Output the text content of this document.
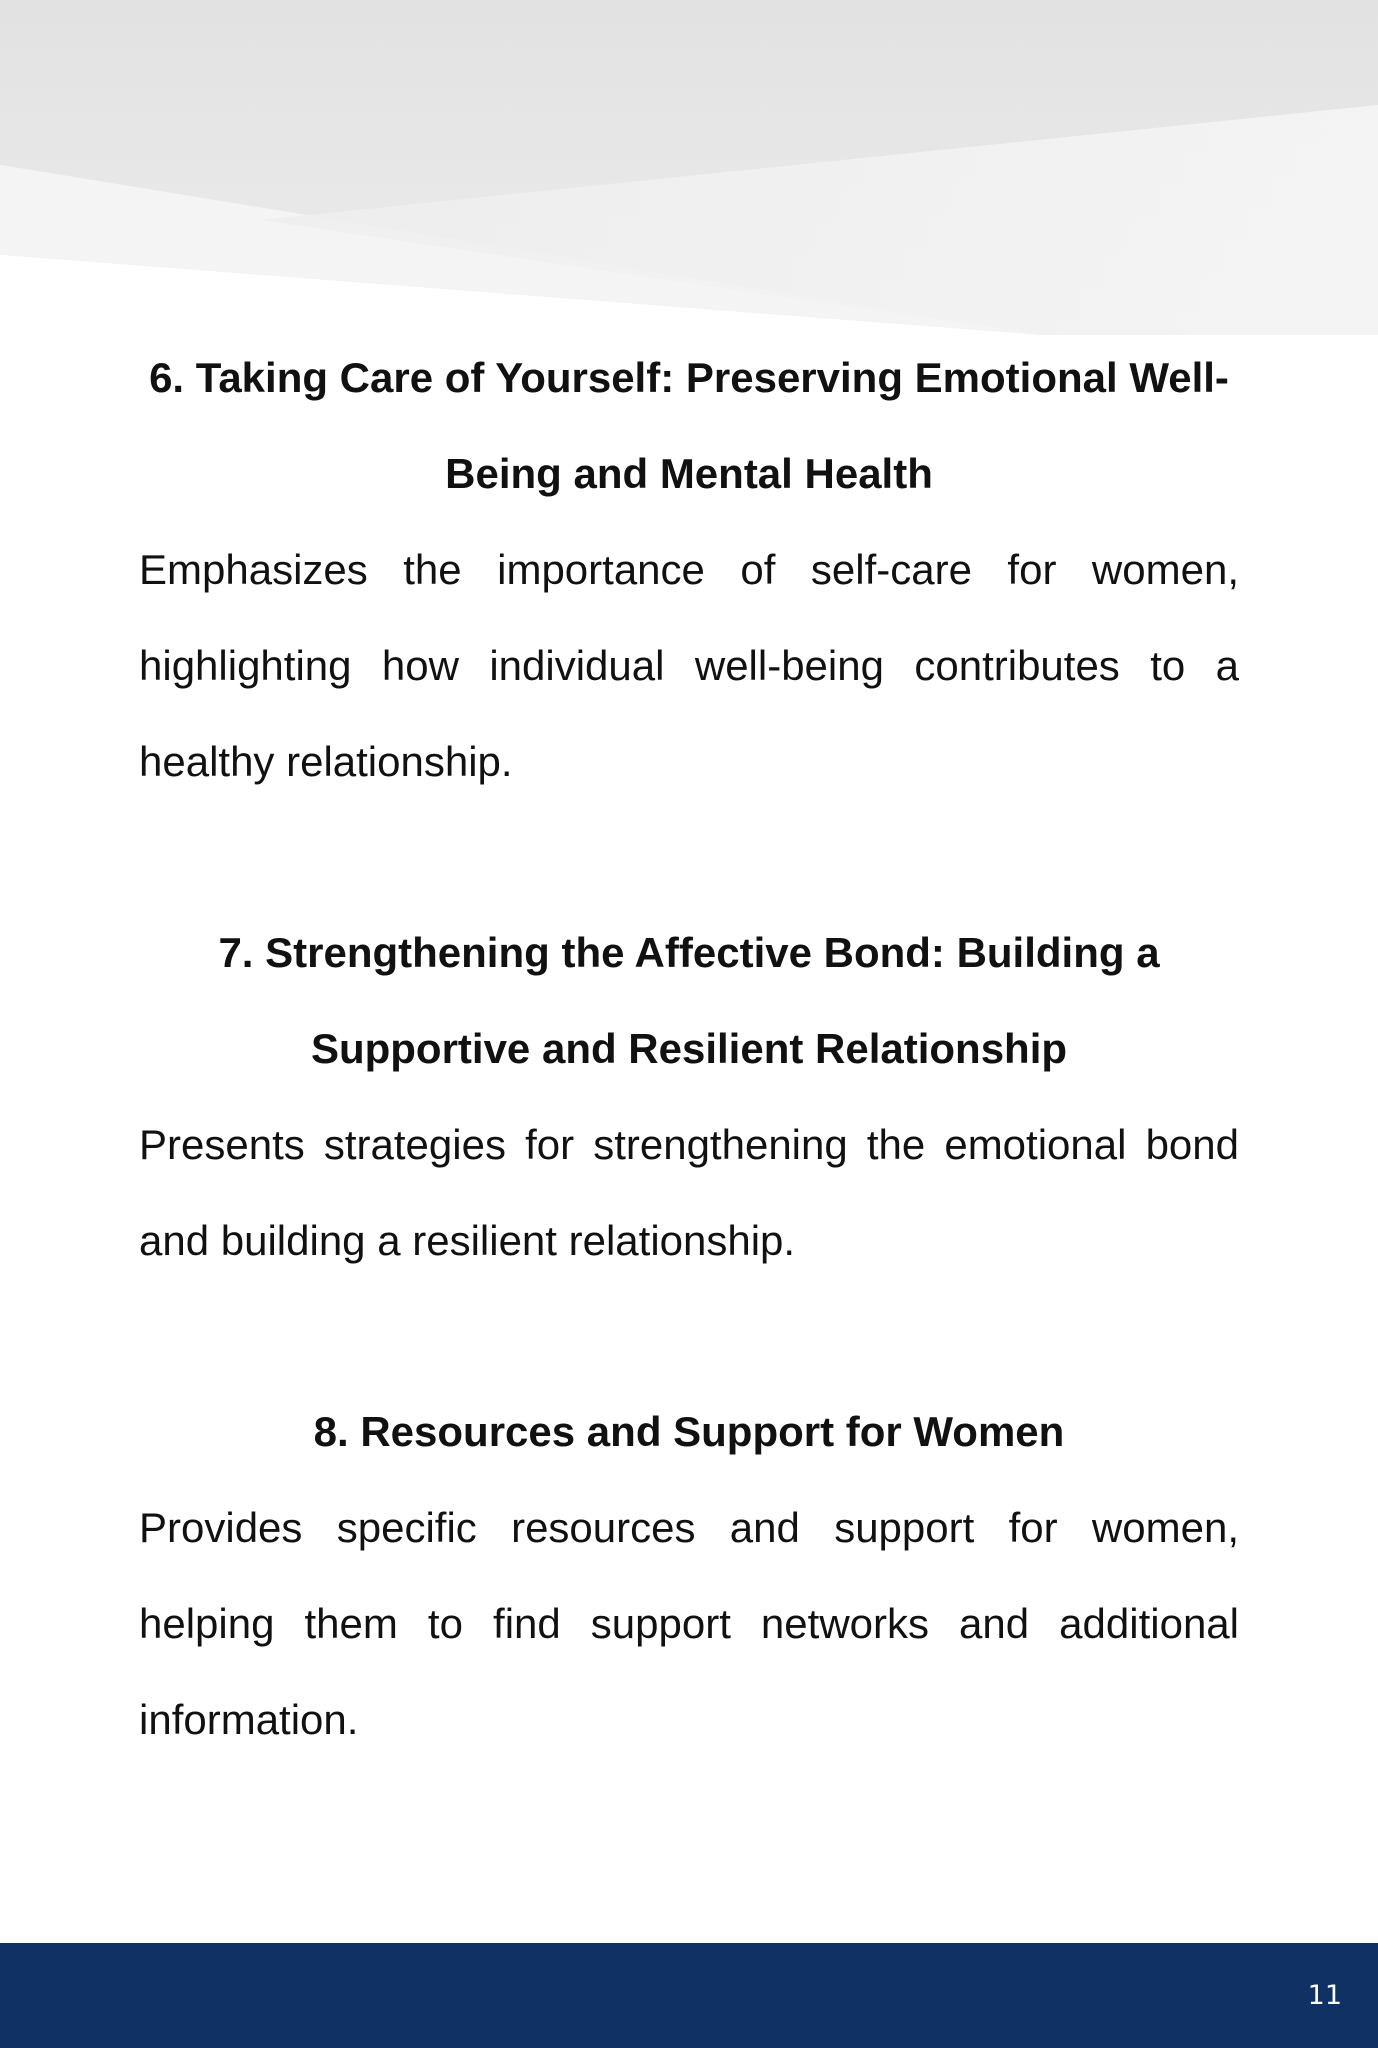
6. Taking Care of Yourself: Preserving Emotional Well-Being and Mental Health

Emphasizes the importance of self-care for women, highlighting how individual well-being contributes to a healthy relationship.

7. Strengthening the Affective Bond: Building a Supportive and Resilient Relationship

Presents strategies for strengthening the emotional bond and building a resilient relationship.

8. Resources and Support for Women

Provides specific resources and support for women, helping them to find support networks and additional information.

11
